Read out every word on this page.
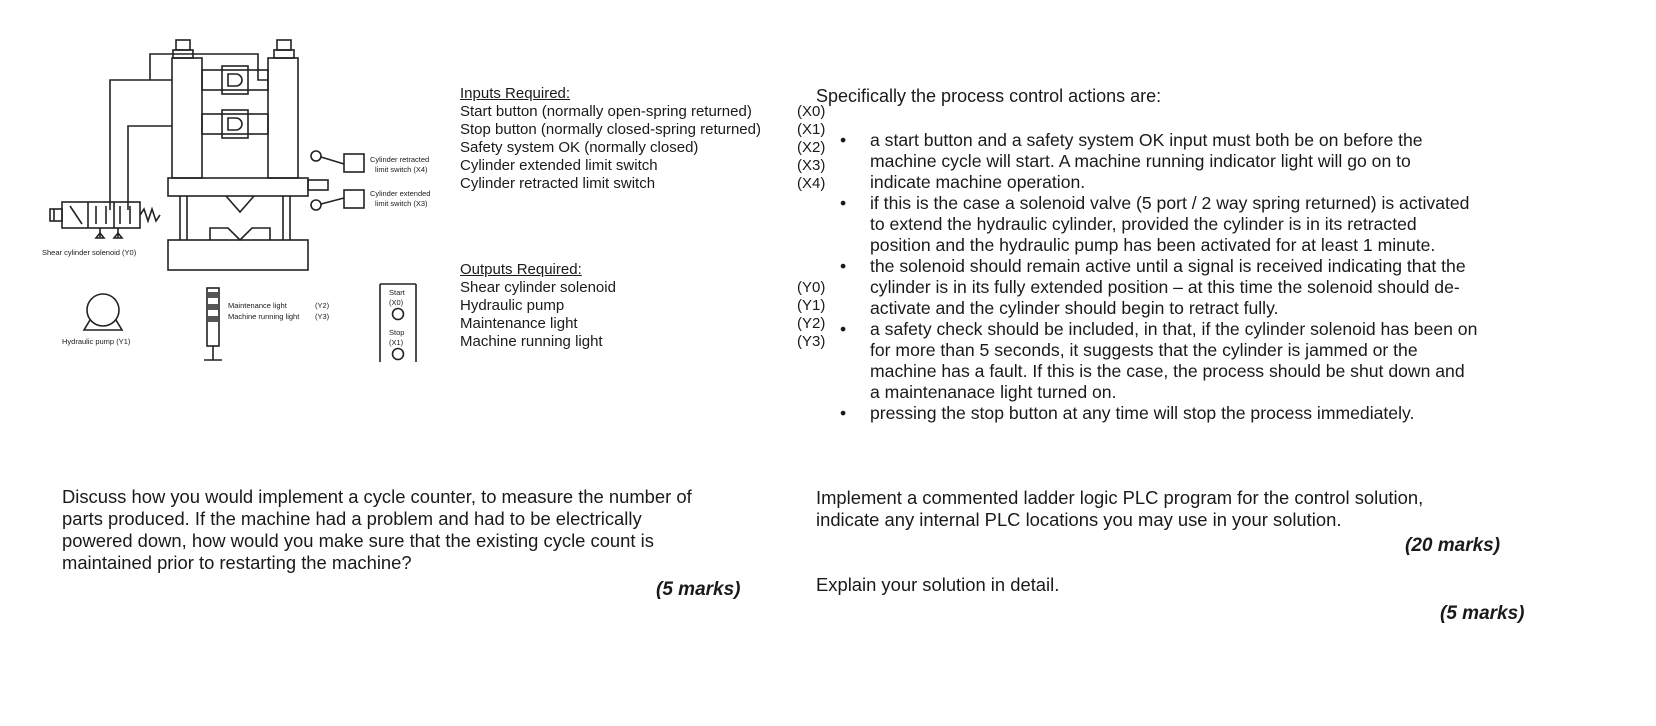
Shear cylinder solenoid (Y0)
Cylinder retracted
limit switch (X4)
Cylinder extended
limit switch (X3)
Hydraulic pump (Y1)
Maintenance light	(Y2)
Machine running light (Y3)
Start
(X0)
Stop
(X1)
Inputs Required:
Start button (normally open-spring returned)	(X0)
Stop button (normally closed-spring returned) (X1)
Safety system OK (normally closed)	(X2)
Cylinder extended limit switch	(X3)
Cylinder retracted limit switch	(X4)
Outputs Required:
Shear cylinder solenoid	(Y0)
Hydraulic pump	(Y1)
Maintenance light	(Y2)
Machine running light	(Y3)
Specifically the process control actions are:
• a start button and a safety system OK input must both be on before the
machine cycle will start. A machine running indicator light will go on to
indicate machine operation.
• if this is the case a solenoid valve (5 port / 2 way spring returned) is activated
to extend the hydraulic cylinder, provided the cylinder is in its retracted
position and the hydraulic pump has been activated for at least 1 minute.
• the solenoid should remain active until a signal is received indicating that the
cylinder is in its fully extended position – at this time the solenoid should de-
activate and the cylinder should begin to retract fully.
• a safety check should be included, in that, if the cylinder solenoid has been on
for more than 5 seconds, it suggests that the cylinder is jammed or the
machine has a fault. If this is the case, the process should be shut down and
a maintenanace light turned on.
• pressing the stop button at any time will stop the process immediately.
Discuss how you would implement a cycle counter, to measure the number of
parts produced. If the machine had a problem and had to be electrically
powered down, how would you make sure that the existing cycle count is
maintained prior to restarting the machine?
(5 marks)
Implement a commented ladder logic PLC program for the control solution,
indicate any internal PLC locations you may use in your solution.
(20 marks)
Explain your solution in detail.
(5 marks)
